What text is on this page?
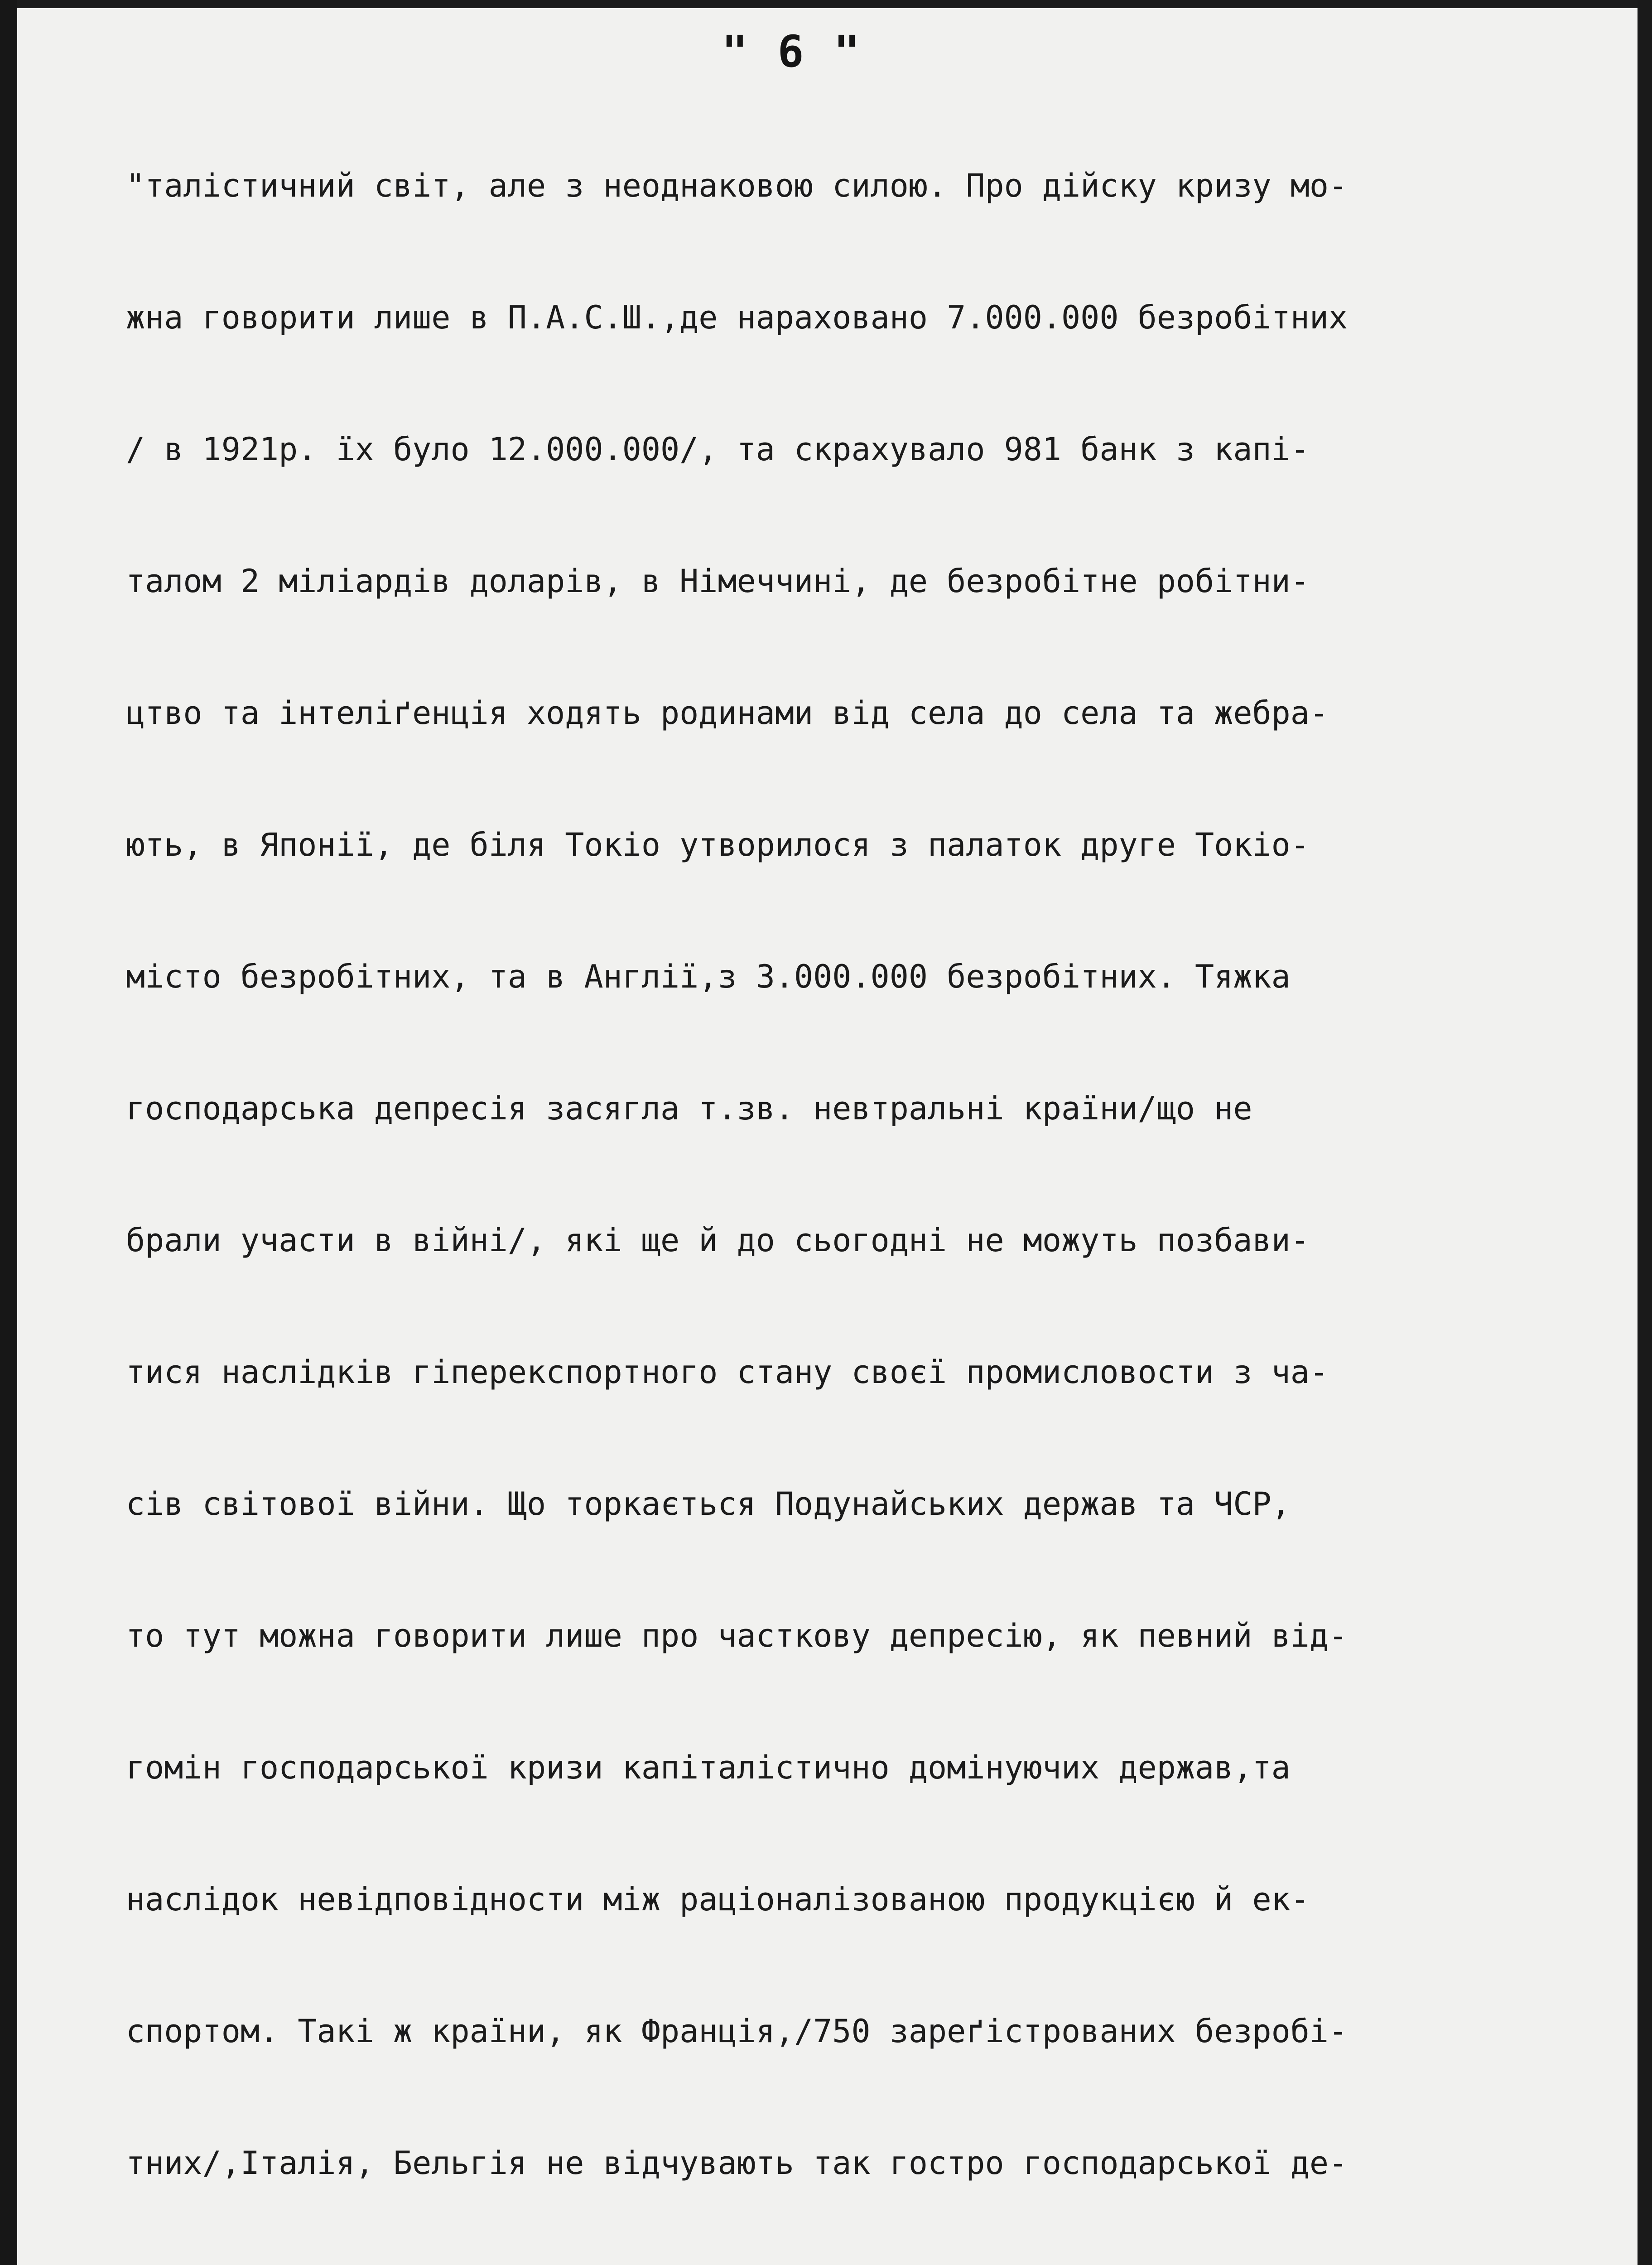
" 6 "

"талістичний світ, але з неоднаковою силою. Про дійску кризу мо-

жна говорити лише в П.А.С.Ш.,де нараховано 7.000.000 безробітних

/ в 1921р. їх було 12.000.000/, та скрахувало 981 банк з капі-

талом 2 міліардів доларів, в Німеччині, де безробітне робітни-

цтво та інтеліґенція ходять родинами від села до села та жебра-

ють, в Японії, де біля Токіо утворилося з палаток друге Токіо-

місто безробітних, та в Англії,з 3.000.000 безробітних. Тяжка

господарська депресія засягла т.зв. невтральні країни/що не

брали участи в війні/, які ще й до сьогодні не можуть позбави-

тися наслідків гіперекспортного стану своєї промисловости з ча-

сів світової війни. Що торкається Подунайських держав та ЧСР,

то тут можна говорити лише про часткову депресію, як певний від-

гомін господарської кризи капіталістично домінуючих держав,та

наслідок невідповідности між раціоналізованою продукцією й ек-

спортом. Такі ж країни, як Франція,/750 зареґістрованих безробі-

тних/,Італія, Бельгія не відчувають так гостро господарської де-
